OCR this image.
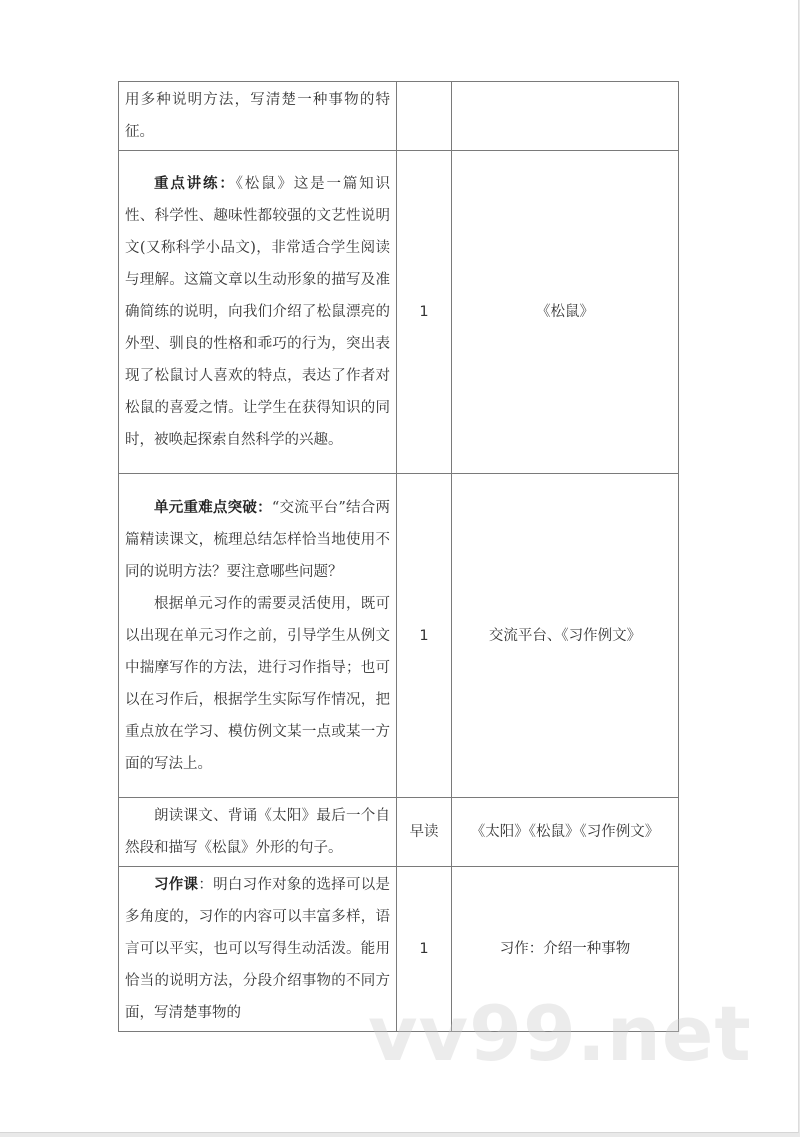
用多种说明方法，写清楚一种事物的特征。		

重点讲练：《松鼠》这是一篇知识性、科学性、趣味性都较强的文艺性说明文(又称科学小品文)，非常适合学生阅读与理解。这篇文章以生动形象的描写及准确简练的说明，向我们介绍了松鼠漂亮的外型、驯良的性格和乖巧的行为，突出表现了松鼠讨人喜欢的特点，表达了作者对松鼠的喜爱之情。让学生在获得知识的同时，被唤起探索自然科学的兴趣。	1	《松鼠》

单元重难点突破：“交流平台”结合两篇精读课文，梳理总结怎样恰当地使用不同的说明方法？要注意哪些问题？

根据单元习作的需要灵活使用，既可以出现在单元习作之前，引导学生从例文中揣摩写作的方法，进行习作指导；也可以在习作后，根据学生实际写作情况，把重点放在学习、模仿例文某一点或某一方面的写法上。	1	交流平台、《习作例文》

朗读课文、背诵《太阳》最后一个自然段和描写《松鼠》外形的句子。	早读	《太阳》《松鼠》《习作例文》

习作课：明白习作对象的选择可以是多角度的，习作的内容可以丰富多样，语言可以平实，也可以写得生动活泼。能用恰当的说明方法，分段介绍事物的不同方面，写清楚事物的	1	习作：介绍一种事物
vv99.net
